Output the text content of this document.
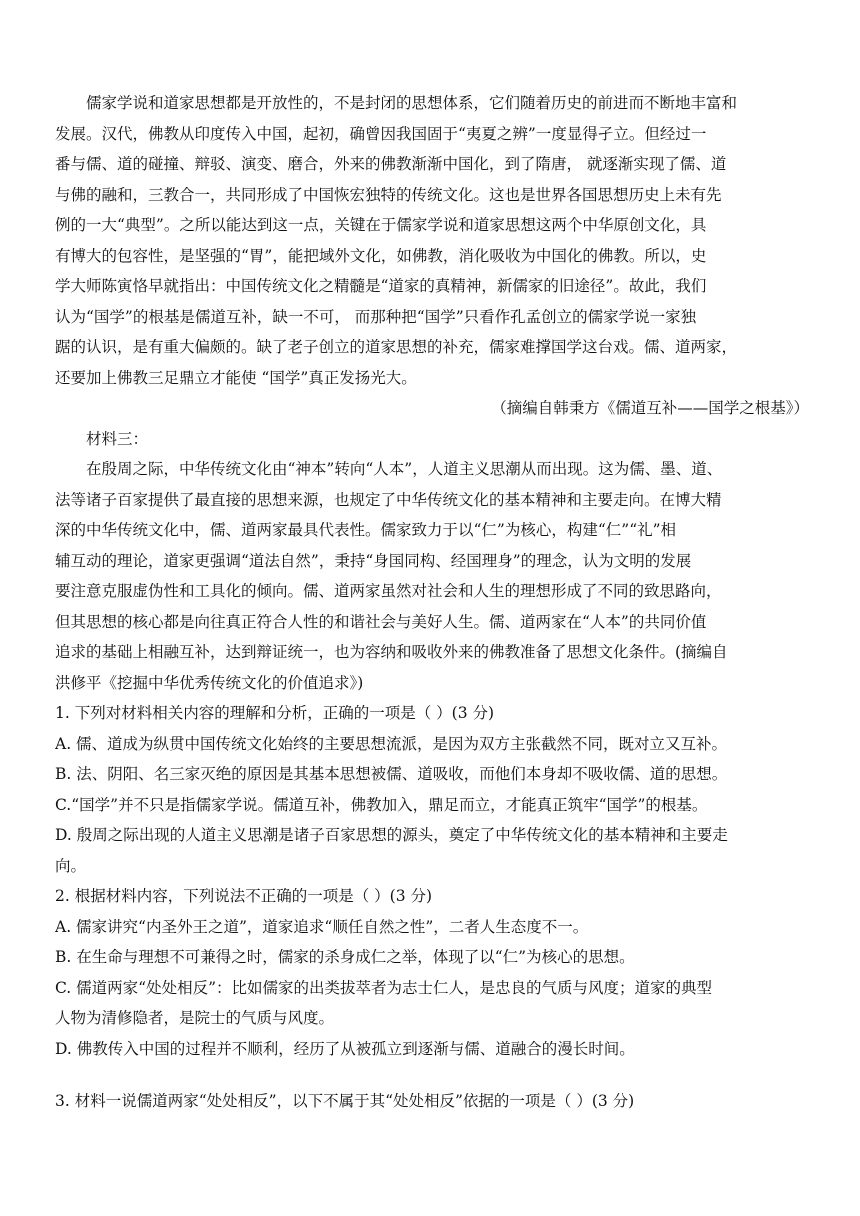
儒家学说和道家思想都是开放性的，不是封闭的思想体系，它们随着历史的前进而不断地丰富和
发展。汉代，佛教从印度传入中国，起初，确曾因我国固于“夷夏之辨”一度显得孑立。但经过一
番与儒、道的碰撞、辩驳、演变、磨合，外来的佛教渐渐中国化，到了隋唐， 就逐渐实现了儒、道
与佛的融和，三教合一，共同形成了中国恢宏独特的传统文化。这也是世界各国思想历史上未有先
例的一大“典型”。之所以能达到这一点，关键在于儒家学说和道家思想这两个中华原创文化，具
有博大的包容性，是坚强的“胃”，能把域外文化，如佛教，消化吸收为中国化的佛教。所以，史
学大师陈寅恪早就指出：中国传统文化之精髓是“道家的真精神，新儒家的旧途径”。故此，我们
认为“国学”的根基是儒道互补，缺一不可， 而那种把“国学”只看作孔孟创立的儒家学说一家独
踞的认识，是有重大偏颇的。缺了老子创立的道家思想的补充，儒家难撑国学这台戏。儒、道两家，
还要加上佛教三足鼎立才能使 “国学”真正发扬光大。
（摘编自韩秉方《儒道互补——国学之根基》）
材料三：
在殷周之际，中华传统文化由“神本”转向“人本”，人道主义思潮从而出现。这为儒、墨、道、
法等诸子百家提供了最直接的思想来源，也规定了中华传统文化的基本精神和主要走向。在博大精
深的中华传统文化中，儒、道两家最具代表性。儒家致力于以“仁”为核心，构建“仁”“礼”相
辅互动的理论，道家更强调“道法自然”，秉持“身国同构、经国理身”的理念，认为文明的发展
要注意克服虚伪性和工具化的倾向。儒、道两家虽然对社会和人生的理想形成了不同的致思路向，
但其思想的核心都是向往真正符合人性的和谐社会与美好人生。儒、道两家在“人本”的共同价值
追求的基础上相融互补，达到辩证统一，也为容纳和吸收外来的佛教准备了思想文化条件。(摘编自
洪修平《挖掘中华优秀传统文化的价值追求》)
1. 下列对材料相关内容的理解和分析，正确的一项是（ ）(3 分)
A. 儒、道成为纵贯中国传统文化始终的主要思想流派，是因为双方主张截然不同，既对立又互补。
B. 法、阴阳、名三家灭绝的原因是其基本思想被儒、道吸收，而他们本身却不吸收儒、道的思想。
C.“国学”并不只是指儒家学说。儒道互补，佛教加入，鼎足而立，才能真正筑牢“国学”的根基。
D. 殷周之际出现的人道主义思潮是诸子百家思想的源头，奠定了中华传统文化的基本精神和主要走
向。
2. 根据材料内容，下列说法不正确的一项是（ ）(3 分)
A. 儒家讲究“内圣外王之道”，道家追求“顺任自然之性”，二者人生态度不一。
B. 在生命与理想不可兼得之时，儒家的杀身成仁之举，体现了以“仁”为核心的思想。
C. 儒道两家“处处相反”：比如儒家的出类拔萃者为志士仁人，是忠良的气质与风度；道家的典型
人物为清修隐者，是院士的气质与风度。
D. 佛教传入中国的过程并不顺利，经历了从被孤立到逐渐与儒、道融合的漫长时间。
3. 材料一说儒道两家“处处相反”，以下不属于其“处处相反”依据的一项是（ ）(3 分)
